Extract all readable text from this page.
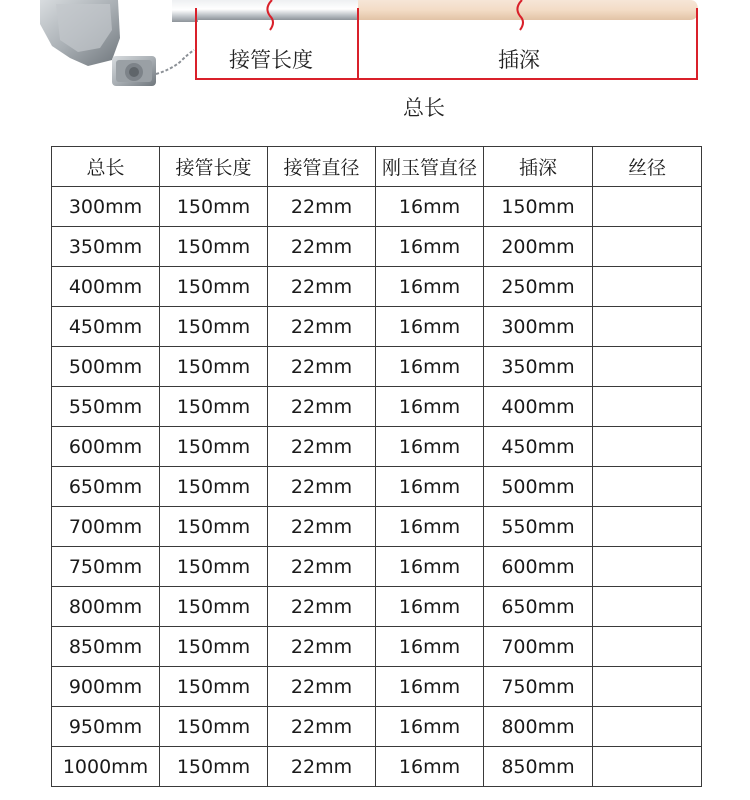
接管长度	插深
总长
总长	接管长度	接管直径	刚玉管直径	插深	丝径
300mm	150mm	22mm	16mm	150mm	
350mm	150mm	22mm	16mm	200mm	
400mm	150mm	22mm	16mm	250mm	
450mm	150mm	22mm	16mm	300mm	
500mm	150mm	22mm	16mm	350mm	
550mm	150mm	22mm	16mm	400mm	
600mm	150mm	22mm	16mm	450mm	
650mm	150mm	22mm	16mm	500mm	
700mm	150mm	22mm	16mm	550mm	
750mm	150mm	22mm	16mm	600mm	
800mm	150mm	22mm	16mm	650mm	
850mm	150mm	22mm	16mm	700mm	
900mm	150mm	22mm	16mm	750mm	
950mm	150mm	22mm	16mm	800mm	
1000mm	150mm	22mm	16mm	850mm	
